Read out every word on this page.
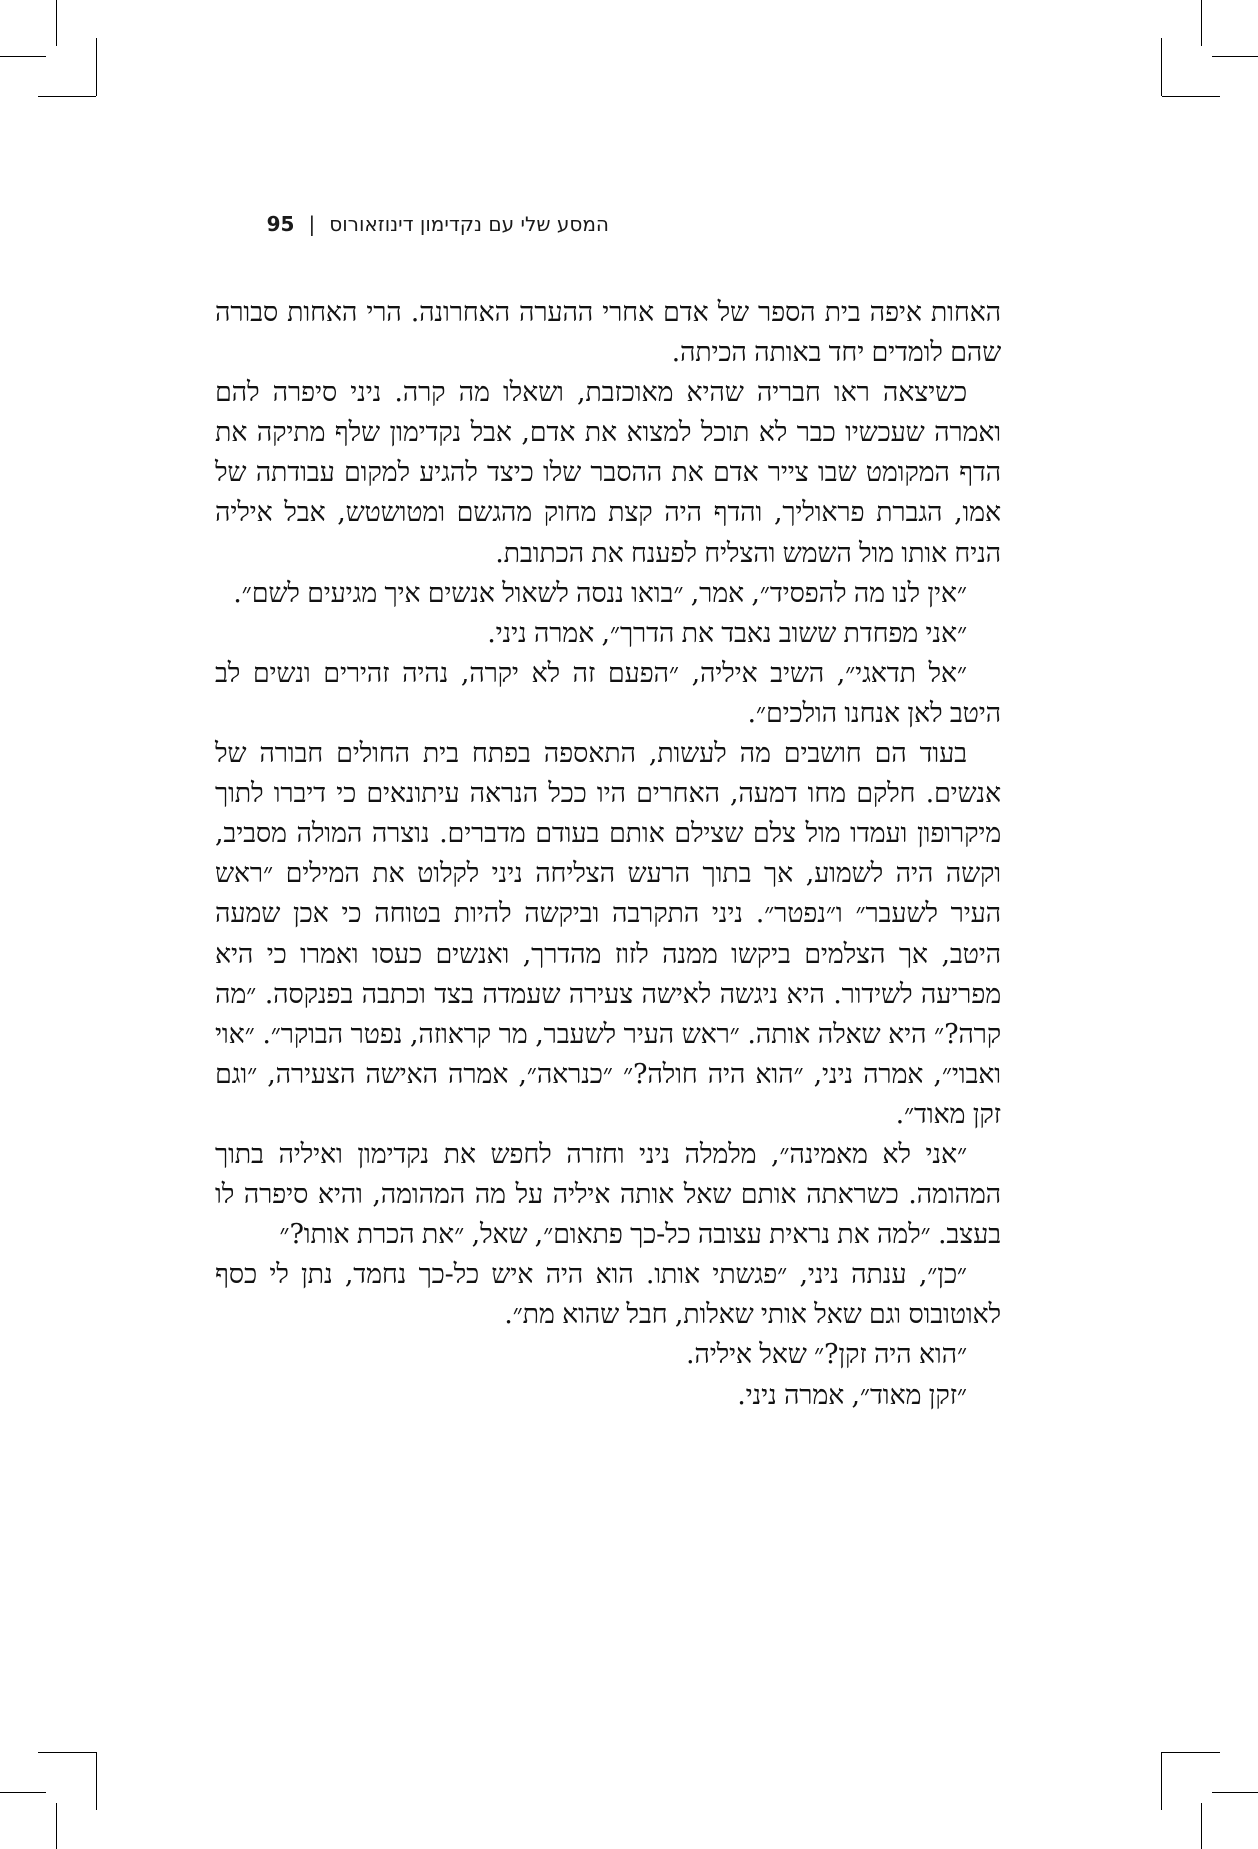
המסע שלי עם נקדימון דינוזאורוס|95

האחות איפה בית הספר של אדם אחרי ההערה האחרונה. הרי האחות סבורה שהם לומדים יחד באותה הכיתה.

כשיצאה ראו חבריה שהיא מאוכזבת, ושאלו מה קרה. ניני סיפרה להם ואמרה שעכשיו כבר לא תוכל למצוא את אדם, אבל נקדימון שלף מתיקה את הדף המקומט שבו צייר אדם את ההסבר שלו כיצד להגיע למקום עבודתה של אמו, הגברת פראוליך, והדף היה קצת מחוק מהגשם ומטושטש, אבל איליה הניח אותו מול השמש והצליח לפענח את הכתובת.

״אין לנו מה להפסיד״, אמר, ״בואו ננסה לשאול אנשים איך מגיעים לשם״.

״אני מפחדת ששוב נאבד את הדרך״, אמרה ניני.

״אל תדאגי״, השיב איליה, ״הפעם זה לא יקרה, נהיה זהירים ונשים לב היטב לאן אנחנו הולכים״.

בעוד הם חושבים מה לעשות, התאספה בפתח בית החולים חבורה של אנשים. חלקם מחו דמעה, האחרים היו ככל הנראה עיתונאים כי דיברו לתוך מיקרופון ועמדו מול צלם שצילם אותם בעודם מדברים. נוצרה המולה מסביב, וקשה היה לשמוע, אך בתוך הרעש הצליחה ניני לקלוט את המילים ״ראש העיר לשעבר״ ו״נפטר״. ניני התקרבה וביקשה להיות בטוחה כי אכן שמעה היטב, אך הצלמים ביקשו ממנה לזוז מהדרך, ואנשים כעסו ואמרו כי היא מפריעה לשידור. היא ניגשה לאישה צעירה שעמדה בצד וכתבה בפנקסה. ״מה קרה?״ היא שאלה אותה. ״ראש העיר לשעבר, מר קראוזה, נפטר הבוקר״. ״אוי ואבוי״, אמרה ניני, ״הוא היה חולה?״ ״כנראה״, אמרה האישה הצעירה, ״וגם זקן מאוד״.

״אני לא מאמינה״, מלמלה ניני וחזרה לחפש את נקדימון ואיליה בתוך המהומה. כשראתה אותם שאל אותה איליה על מה המהומה, והיא סיפרה לו בעצב. ״למה את נראית עצובה כל-כך פתאום״, שאל, ״את הכרת אותו?״

״כן״, ענתה ניני, ״פגשתי אותו. הוא היה איש כל-כך נחמד, נתן לי כסף לאוטובוס וגם שאל אותי שאלות, חבל שהוא מת״.

״הוא היה זקן?״ שאל איליה.

״זקן מאוד״, אמרה ניני.
